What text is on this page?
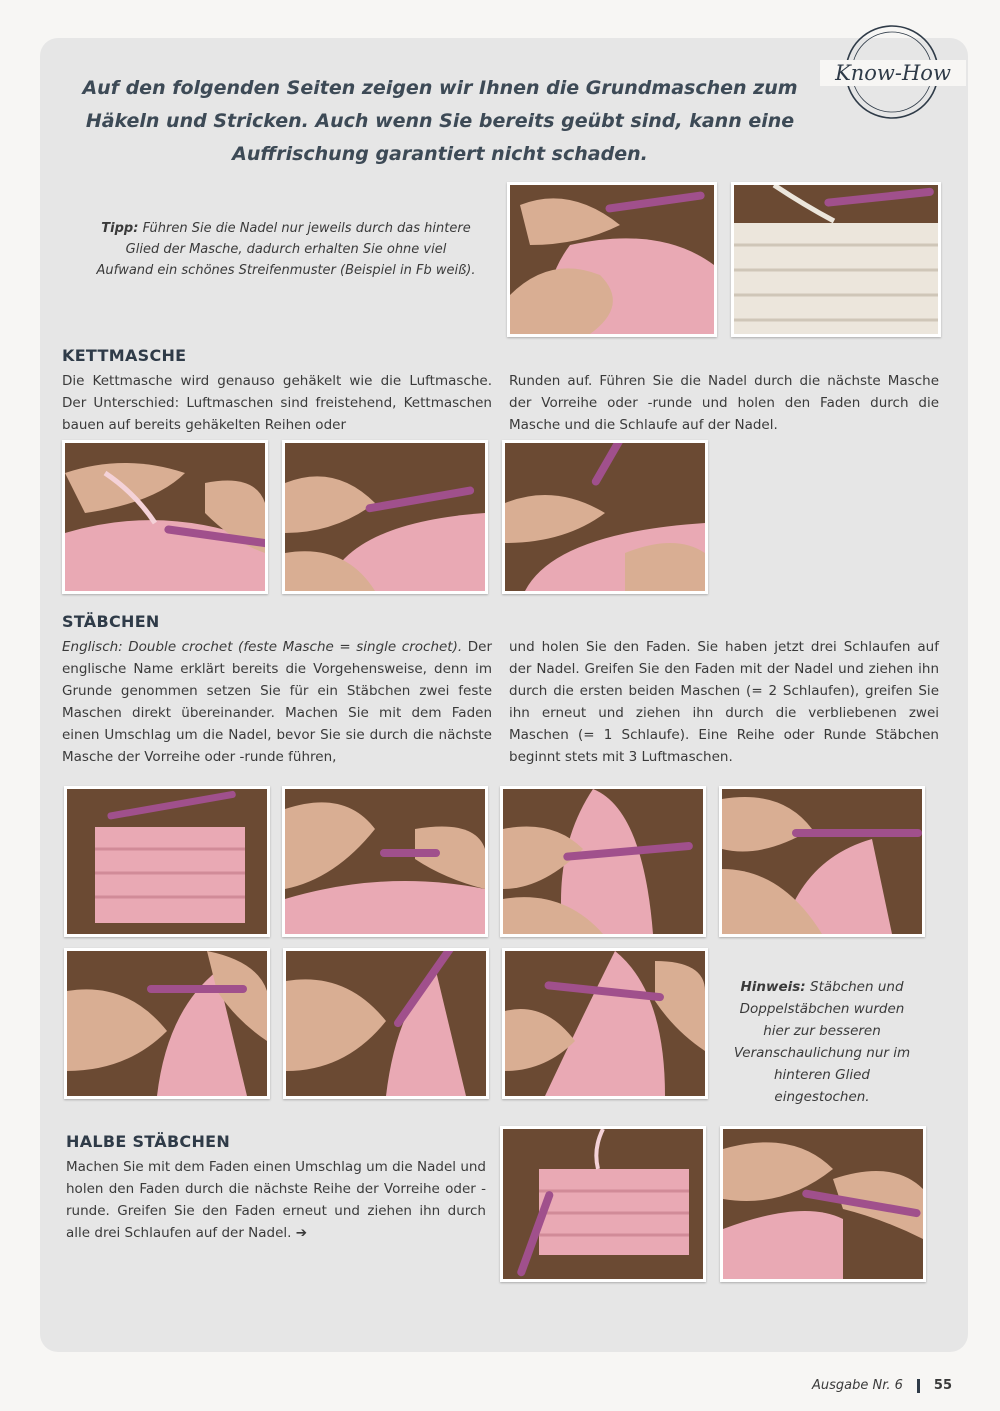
Know-How
Auf den folgenden Seiten zeigen wir Ihnen die Grundmaschen zum Häkeln und Stricken. Auch wenn Sie bereits geübt sind, kann eine Auffrischung garantiert nicht schaden.
Tipp: Führen Sie die Nadel nur jeweils durch das hintere Glied der Masche, dadurch erhalten Sie ohne viel Aufwand ein schönes Streifenmuster (Beispiel in Fb weiß).
KETTMASCHE
Die Kettmasche wird genauso gehäkelt wie die Luftmasche. Der Unterschied: Luftmaschen sind freistehend, Kettmaschen bauen auf bereits gehäkelten Reihen oder
Runden auf. Führen Sie die Nadel durch die nächste Masche der Vorreihe oder -runde und holen den Faden durch die Masche und die Schlaufe auf der Nadel.
STÄBCHEN
Englisch: Double crochet (feste Masche = single crochet). Der englische Name erklärt bereits die Vorgehensweise, denn im Grunde genommen setzen Sie für ein Stäbchen zwei feste Maschen direkt übereinander. Machen Sie mit dem Faden einen Umschlag um die Nadel, bevor Sie sie durch die nächste Masche der Vorreihe oder -runde führen,
und holen Sie den Faden. Sie haben jetzt drei Schlaufen auf der Nadel. Greifen Sie den Faden mit der Nadel und ziehen ihn durch die ersten beiden Maschen (= 2 Schlaufen), greifen Sie ihn erneut und ziehen ihn durch die verbliebenen zwei Maschen (= 1 Schlaufe). Eine Reihe oder Runde Stäbchen beginnt stets mit 3 Luftmaschen.
Hinweis: Stäbchen und Doppelstäbchen wurden hier zur besseren Veranschaulichung nur im hinteren Glied eingestochen.
HALBE STÄBCHEN
Machen Sie mit dem Faden einen Umschlag um die Nadel und holen den Faden durch die nächste Reihe der Vorreihe oder -runde. Greifen Sie den Faden erneut und ziehen ihn durch alle drei Schlaufen auf der Nadel. ➔
Ausgabe Nr. 6 55
